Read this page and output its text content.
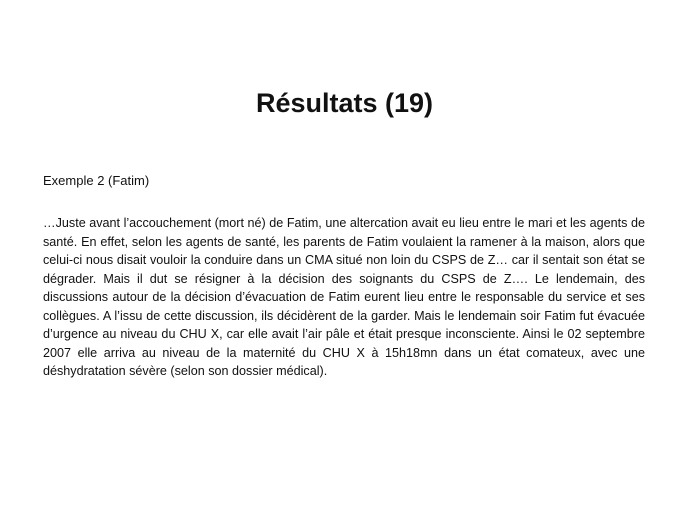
Résultats (19)

Exemple 2 (Fatim)

…Juste avant l’accouchement (mort né) de Fatim, une altercation avait eu lieu entre le mari et les agents de santé. En effet, selon les agents de santé, les parents de Fatim voulaient la ramener à la maison, alors que celui-ci nous disait vouloir la conduire dans un CMA situé non loin du CSPS de Z… car il sentait son état se dégrader. Mais il dut se résigner à la décision des soignants du CSPS de Z…. Le lendemain, des discussions autour de la décision d’évacuation de Fatim eurent lieu entre le responsable du service et ses collègues. A l’issu de cette discussion, ils décidèrent de la garder. Mais le lendemain soir Fatim fut évacuée d’urgence au niveau du CHU X, car elle avait l’air pâle et était presque inconsciente. Ainsi le 02 septembre 2007 elle arriva au niveau de la maternité du CHU X à 15h18mn dans un état comateux, avec une déshydratation sévère (selon son dossier médical).
